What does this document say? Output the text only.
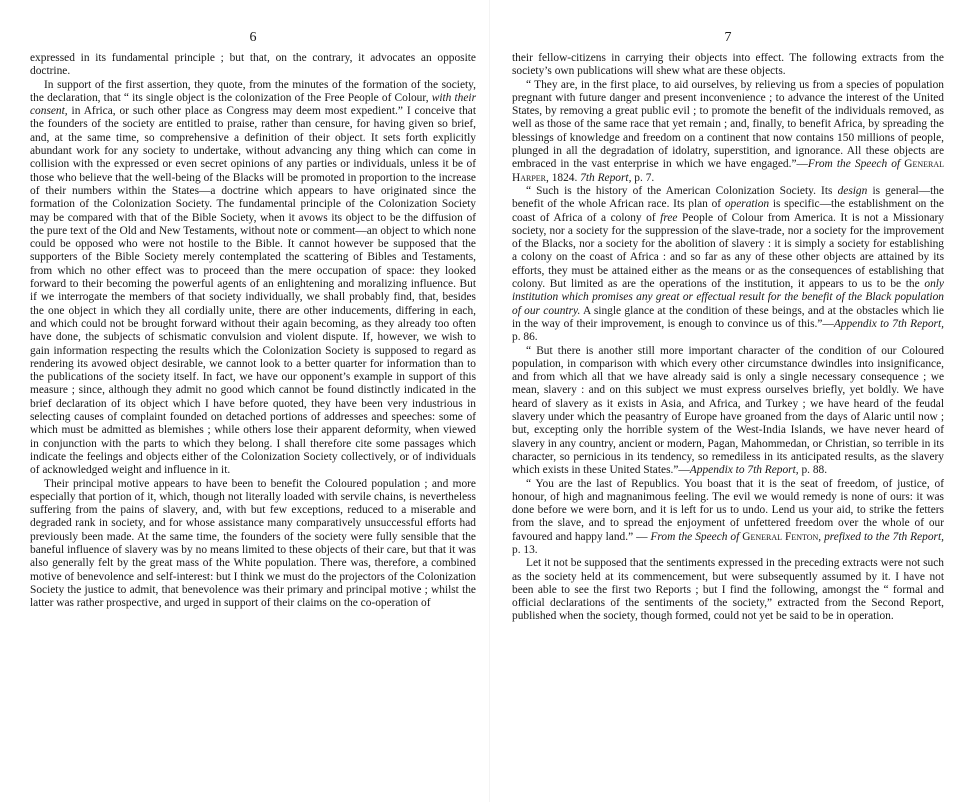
6

expressed in its fundamental principle ; but that, on the contrary, it advocates an opposite doctrine.

In support of the first assertion, they quote, from the minutes of the formation of the society, the declaration, that “ its single object is the colonization of the Free People of Colour, with their consent, in Africa, or such other place as Congress may deem most expedient.” I conceive that the founders of the society are entitled to praise, rather than censure, for having given so brief, and, at the same time, so comprehensive a definition of their object. It sets forth explicitly abundant work for any society to undertake, without advancing any thing which can come in collision with the expressed or even secret opinions of any parties or individuals, unless it be of those who believe that the well-being of the Blacks will be promoted in proportion to the increase of their numbers within the States—a doctrine which appears to have originated since the formation of the Colonization Society. The fundamental principle of the Colonization Society may be compared with that of the Bible Society, when it avows its object to be the diffusion of the pure text of the Old and New Testaments, without note or comment—an object to which none could be opposed who were not hostile to the Bible. It cannot however be supposed that the supporters of the Bible Society merely contemplated the scattering of Bibles and Testaments, from which no other effect was to proceed than the mere occupation of space: they looked forward to their becoming the powerful agents of an enlightening and moralizing influence. But if we interrogate the members of that society individually, we shall probably find, that, besides the one object in which they all cordially unite, there are other inducements, differing in each, and which could not be brought forward without their again becoming, as they already too often have done, the subjects of schismatic convulsion and violent dispute. If, however, we wish to gain information respecting the results which the Colonization Society is supposed to regard as rendering its avowed object desirable, we cannot look to a better quarter for information than to the publications of the society itself. In fact, we have our opponent’s example in support of this measure ; since, although they admit no good which cannot be found distinctly indicated in the brief declaration of its object which I have before quoted, they have been very industrious in selecting causes of complaint founded on detached portions of addresses and speeches: some of which must be admitted as blemishes ; while others lose their apparent deformity, when viewed in conjunction with the parts to which they belong. I shall therefore cite some passages which indicate the feelings and objects either of the Colonization Society collectively, or of individuals of acknowledged weight and influence in it.

Their principal motive appears to have been to benefit the Coloured population ; and more especially that portion of it, which, though not literally loaded with servile chains, is nevertheless suffering from the pains of slavery, and, with but few exceptions, reduced to a miserable and degraded rank in society, and for whose assistance many comparatively unsuccessful efforts had previously been made. At the same time, the founders of the society were fully sensible that the baneful influence of slavery was by no means limited to these objects of their care, but that it was also generally felt by the great mass of the White population. There was, therefore, a combined motive of benevolence and self-interest: but I think we must do the projectors of the Colonization Society the justice to admit, that benevolence was their primary and principal motive ; whilst the latter was rather prospective, and urged in support of their claims on the co-operation of

7

their fellow-citizens in carrying their objects into effect. The following extracts from the society’s own publications will shew what are these objects.

“ They are, in the first place, to aid ourselves, by relieving us from a species of population pregnant with future danger and present inconvenience ; to advance the interest of the United States, by removing a great public evil ; to promote the benefit of the individuals removed, as well as those of the same race that yet remain ; and, finally, to benefit Africa, by spreading the blessings of knowledge and freedom on a continent that now contains 150 millions of people, plunged in all the degradation of idolatry, superstition, and ignorance. All these objects are embraced in the vast enterprise in which we have engaged.”—From the Speech of General Harper, 1824. 7th Report, p. 7.

“ Such is the history of the American Colonization Society. Its design is general—the benefit of the whole African race. Its plan of operation is specific—the establishment on the coast of Africa of a colony of free People of Colour from America. It is not a Missionary society, nor a society for the suppression of the slave-trade, nor a society for the improvement of the Blacks, nor a society for the abolition of slavery : it is simply a society for establishing a colony on the coast of Africa : and so far as any of these other objects are attained by its efforts, they must be attained either as the means or as the consequences of establishing that colony. But limited as are the operations of the institution, it appears to us to be the only institution which promises any great or effectual result for the benefit of the Black population of our country. A single glance at the condition of these beings, and at the obstacles which lie in the way of their improvement, is enough to convince us of this.”—Appendix to 7th Report, p. 86.

“ But there is another still more important character of the condition of our Coloured population, in comparison with which every other circumstance dwindles into insignificance, and from which all that we have already said is only a single necessary consequence ; we mean, slavery : and on this subject we must express ourselves briefly, yet boldly. We have heard of slavery as it exists in Asia, and Africa, and Turkey ; we have heard of the feudal slavery under which the peasantry of Europe have groaned from the days of Alaric until now ; but, excepting only the horrible system of the West-India Islands, we have never heard of slavery in any country, ancient or modern, Pagan, Mahommedan, or Christian, so terrible in its character, so pernicious in its tendency, so remediless in its anticipated results, as the slavery which exists in these United States.”—Appendix to 7th Report, p. 88.

“ You are the last of Republics. You boast that it is the seat of freedom, of justice, of honour, of high and magnanimous feeling. The evil we would remedy is none of ours: it was done before we were born, and it is left for us to undo. Lend us your aid, to strike the fetters from the slave, and to spread the enjoyment of unfettered freedom over the whole of our favoured and happy land.” — From the Speech of General Fenton, prefixed to the 7th Report, p. 13.

Let it not be supposed that the sentiments expressed in the preceding extracts were not such as the society held at its commencement, but were subsequently assumed by it. I have not been able to see the first two Reports ; but I find the following, amongst the “ formal and official declarations of the sentiments of the society,” extracted from the Second Report, published when the society, though formed, could not yet be said to be in operation.
